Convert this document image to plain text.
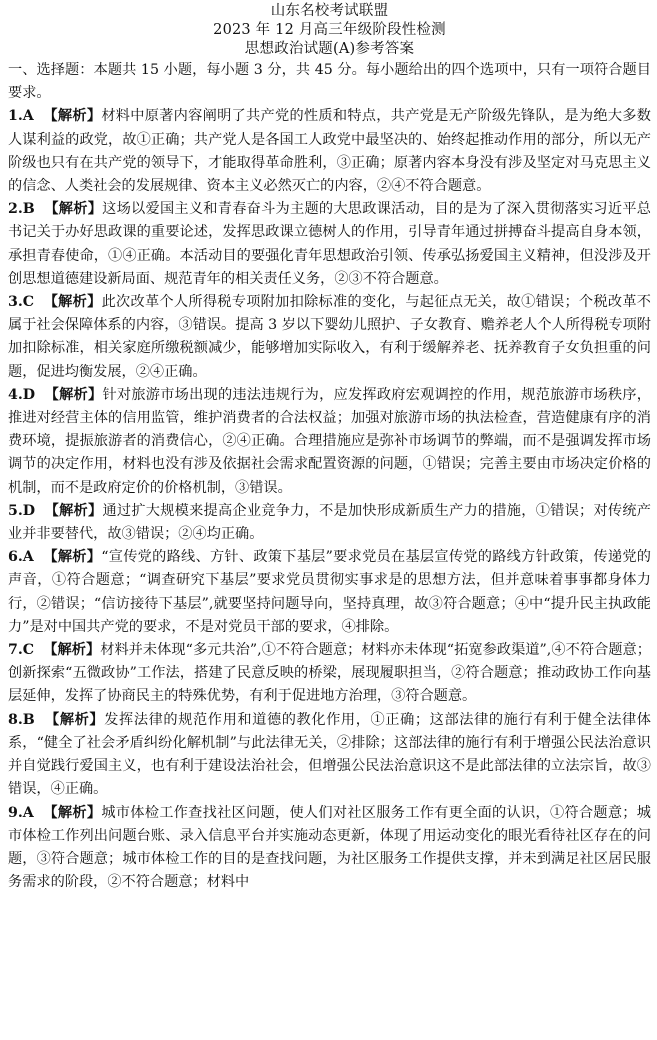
山东名校考试联盟
2023 年 12 月高三年级阶段性检测
思想政治试题(A)参考答案
一、选择题：本题共 15 小题，每小题 3 分，共 45 分。每小题给出的四个选项中，只有一项符合题目要求。
1.A 【解析】材料中原著内容阐明了共产党的性质和特点，共产党是无产阶级先锋队，是为绝大多数人谋利益的政党，故①正确；共产党人是各国工人政党中最坚决的、始终起推动作用的部分，所以无产阶级也只有在共产党的领导下，才能取得革命胜利，③正确；原著内容本身没有涉及坚定对马克思主义的信念、人类社会的发展规律、资本主义必然灭亡的内容，②④不符合题意。
2.B 【解析】这场以爱国主义和青春奋斗为主题的大思政课活动，目的是为了深入贯彻落实习近平总书记关于办好思政课的重要论述，发挥思政课立德树人的作用，引导青年通过拼搏奋斗提高自身本领，承担青春使命，①④正确。本活动目的要强化青年思想政治引领、传承弘扬爱国主义精神，但没涉及开创思想道德建设新局面、规范青年的相关责任义务，②③不符合题意。
3.C 【解析】此次改革个人所得税专项附加扣除标准的变化，与起征点无关，故①错误；个税改革不属于社会保障体系的内容，③错误。提高 3 岁以下婴幼儿照护、子女教育、赡养老人个人所得税专项附加扣除标准，相关家庭所缴税额减少，能够增加实际收入，有利于缓解养老、抚养教育子女负担重的问题，促进均衡发展，②④正确。
4.D 【解析】针对旅游市场出现的违法违规行为，应发挥政府宏观调控的作用，规范旅游市场秩序，推进对经营主体的信用监管，维护消费者的合法权益；加强对旅游市场的执法检查，营造健康有序的消费环境，提振旅游者的消费信心，②④正确。合理措施应是弥补市场调节的弊端，而不是强调发挥市场调节的决定作用，材料也没有涉及依据社会需求配置资源的问题，①错误；完善主要由市场决定价格的机制，而不是政府定价的价格机制，③错误。
5.D 【解析】通过扩大规模来提高企业竞争力，不是加快形成新质生产力的措施，①错误；对传统产业并非要替代，故③错误；②④均正确。
6.A 【解析】“宣传党的路线、方针、政策下基层”要求党员在基层宣传党的路线方针政策，传递党的声音，①符合题意；“调查研究下基层”要求党员贯彻实事求是的思想方法，但并意味着事事都身体力行，②错误；“信访接待下基层”,就要坚持问题导向，坚持真理，故③符合题意；④中“提升民主执政能力”是对中国共产党的要求，不是对党员干部的要求，④排除。
7.C 【解析】材料并未体现“多元共治”,①不符合题意；材料亦未体现“拓宽参政渠道”,④不符合题意；创新探索“五微政协”工作法，搭建了民意反映的桥梁，展现履职担当，②符合题意；推动政协工作向基层延伸，发挥了协商民主的特殊优势，有利于促进地方治理，③符合题意。
8.B 【解析】发挥法律的规范作用和道德的教化作用，①正确；这部法律的施行有利于健全法律体系，“健全了社会矛盾纠纷化解机制”与此法律无关，②排除；这部法律的施行有利于增强公民法治意识并自觉践行爱国主义，也有利于建设法治社会，但增强公民法治意识这不是此部法律的立法宗旨，故③错误，④正确。
9.A 【解析】城市体检工作查找社区问题，使人们对社区服务工作有更全面的认识，①符合题意；城市体检工作列出问题台账、录入信息平台并实施动态更新，体现了用运动变化的眼光看待社区存在的问题，③符合题意；城市体检工作的目的是查找问题，为社区服务工作提供支撑，并未到满足社区居民服务需求的阶段，②不符合题意；材料中
